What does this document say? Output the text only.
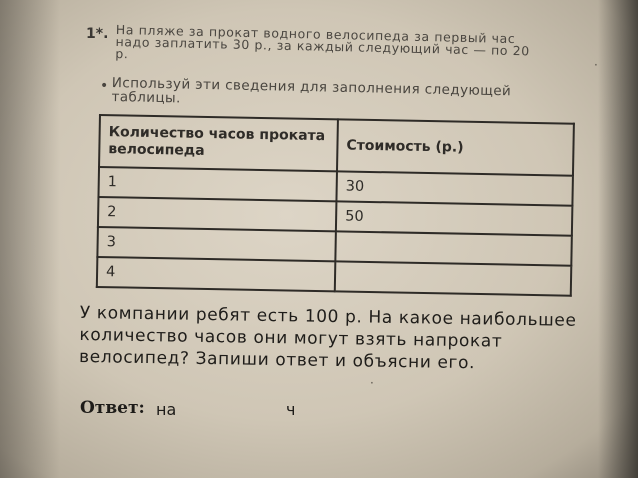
1*. На пляже за прокат водного велосипеда за первый час надо заплатить 30 р., за каждый следующий час — по 20 р.
• Используй эти сведения для заполнения следующей таблицы.
Количество часов проката велосипеда	Стоимость (р.)
1	30
2	50
3	
4	
У компании ребят есть 100 р. На какое наибольшее количество часов они могут взять напрокат велосипед? Запиши ответ и объясни его.
Ответ: на	ч
·
·
